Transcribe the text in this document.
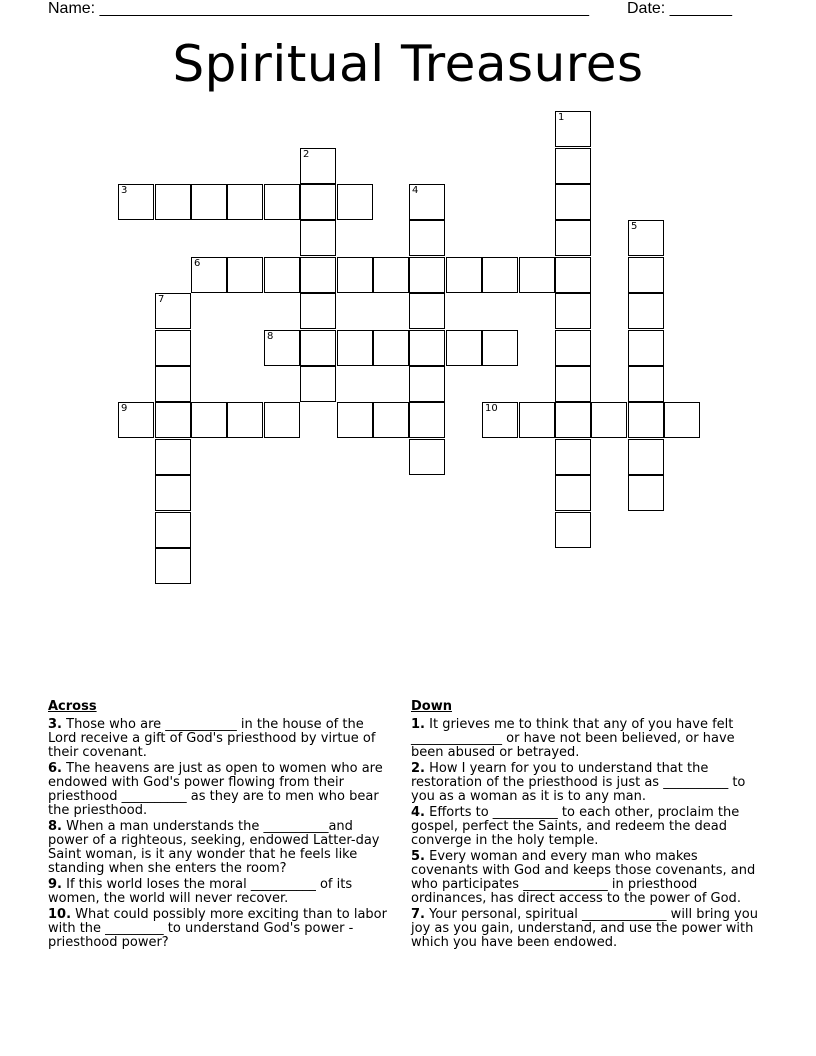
Name: _______________________________________________________ Date: _______
Spiritual Treasures
1
2
3	4
5
6
7
8
9	10
Across
3. Those who are ___________ in the house of the Lord receive a gift of God's priesthood by virtue of their covenant.
6. The heavens are just as open to women who are endowed with God's power flowing from their priesthood __________ as they are to men who bear the priesthood.
8. When a man understands the __________and power of a righteous, seeking, endowed Latter-day Saint woman, is it any wonder that he feels like standing when she enters the room?
9. If this world loses the moral __________ of its women, the world will never recover.
10. What could possibly more exciting than to labor with the _________ to understand God's power - priesthood power?
Down
1. It grieves me to think that any of you have felt ______________ or have not been believed, or have been abused or betrayed.
2. How I yearn for you to understand that the restoration of the priesthood is just as __________ to you as a woman as it is to any man.
4. Efforts to __________ to each other, proclaim the gospel, perfect the Saints, and redeem the dead converge in the holy temple.
5. Every woman and every man who makes covenants with God and keeps those covenants, and who participates _____________ in priesthood ordinances, has direct access to the power of God.
7. Your personal, spiritual _____________ will bring you joy as you gain, understand, and use the power with which you have been endowed.
